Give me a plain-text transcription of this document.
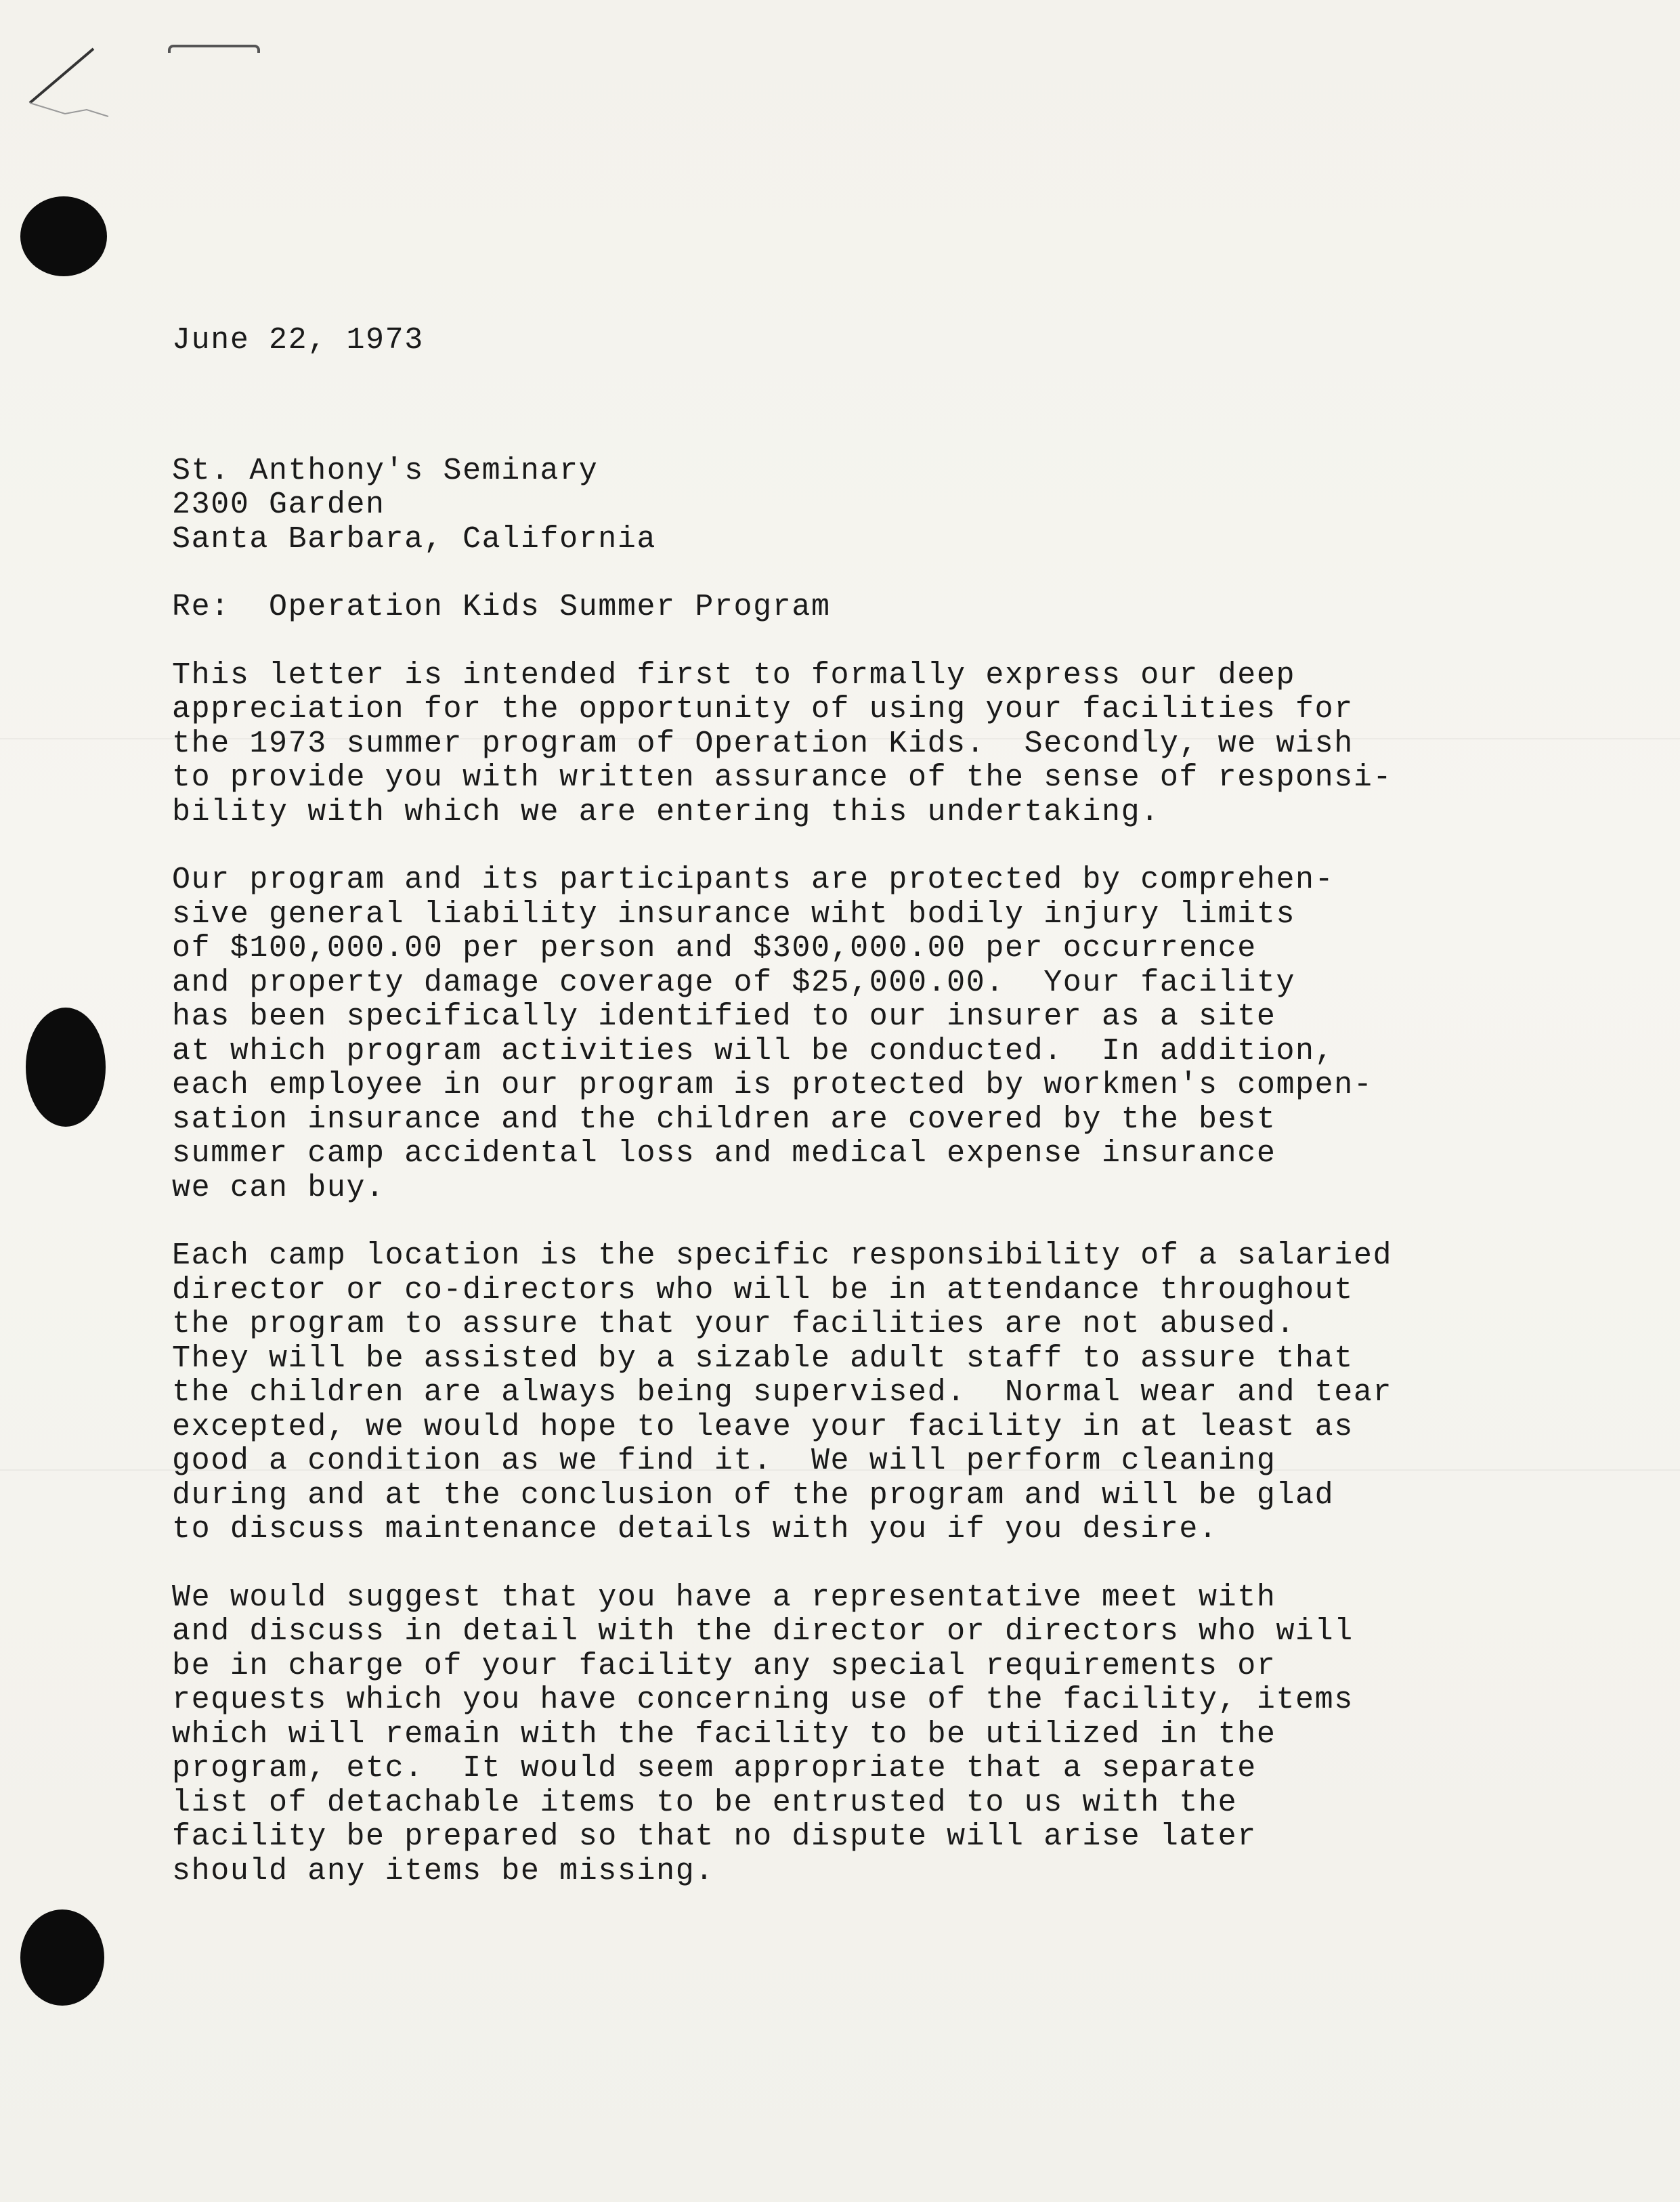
June 22, 1973
St. Anthony's Seminary
2300 Garden
Santa Barbara, California
Re:  Operation Kids Summer Program
This letter is intended first to formally express our deep
appreciation for the opportunity of using your facilities for
the 1973 summer program of Operation Kids.  Secondly, we wish
to provide you with written assurance of the sense of responsi-
bility with which we are entering this undertaking.
Our program and its participants are protected by comprehen-
sive general liability insurance wiht bodily injury limits
of $100,000.00 per person and $300,000.00 per occurrence
and property damage coverage of $25,000.00.  Your facility
has been specifically identified to our insurer as a site
at which program activities will be conducted.  In addition,
each employee in our program is protected by workmen's compen-
sation insurance and the children are covered by the best
summer camp accidental loss and medical expense insurance
we can buy.
Each camp location is the specific responsibility of a salaried
director or co-directors who will be in attendance throughout
the program to assure that your facilities are not abused.
They will be assisted by a sizable adult staff to assure that
the children are always being supervised.  Normal wear and tear
excepted, we would hope to leave your facility in at least as
good a condition as we find it.  We will perform cleaning
during and at the conclusion of the program and will be glad
to discuss maintenance details with you if you desire.
We would suggest that you have a representative meet with
and discuss in detail with the director or directors who will
be in charge of your facility any special requirements or
requests which you have concerning use of the facility, items
which will remain with the facility to be utilized in the
program, etc.  It would seem appropriate that a separate
list of detachable items to be entrusted to us with the
facility be prepared so that no dispute will arise later
should any items be missing.
